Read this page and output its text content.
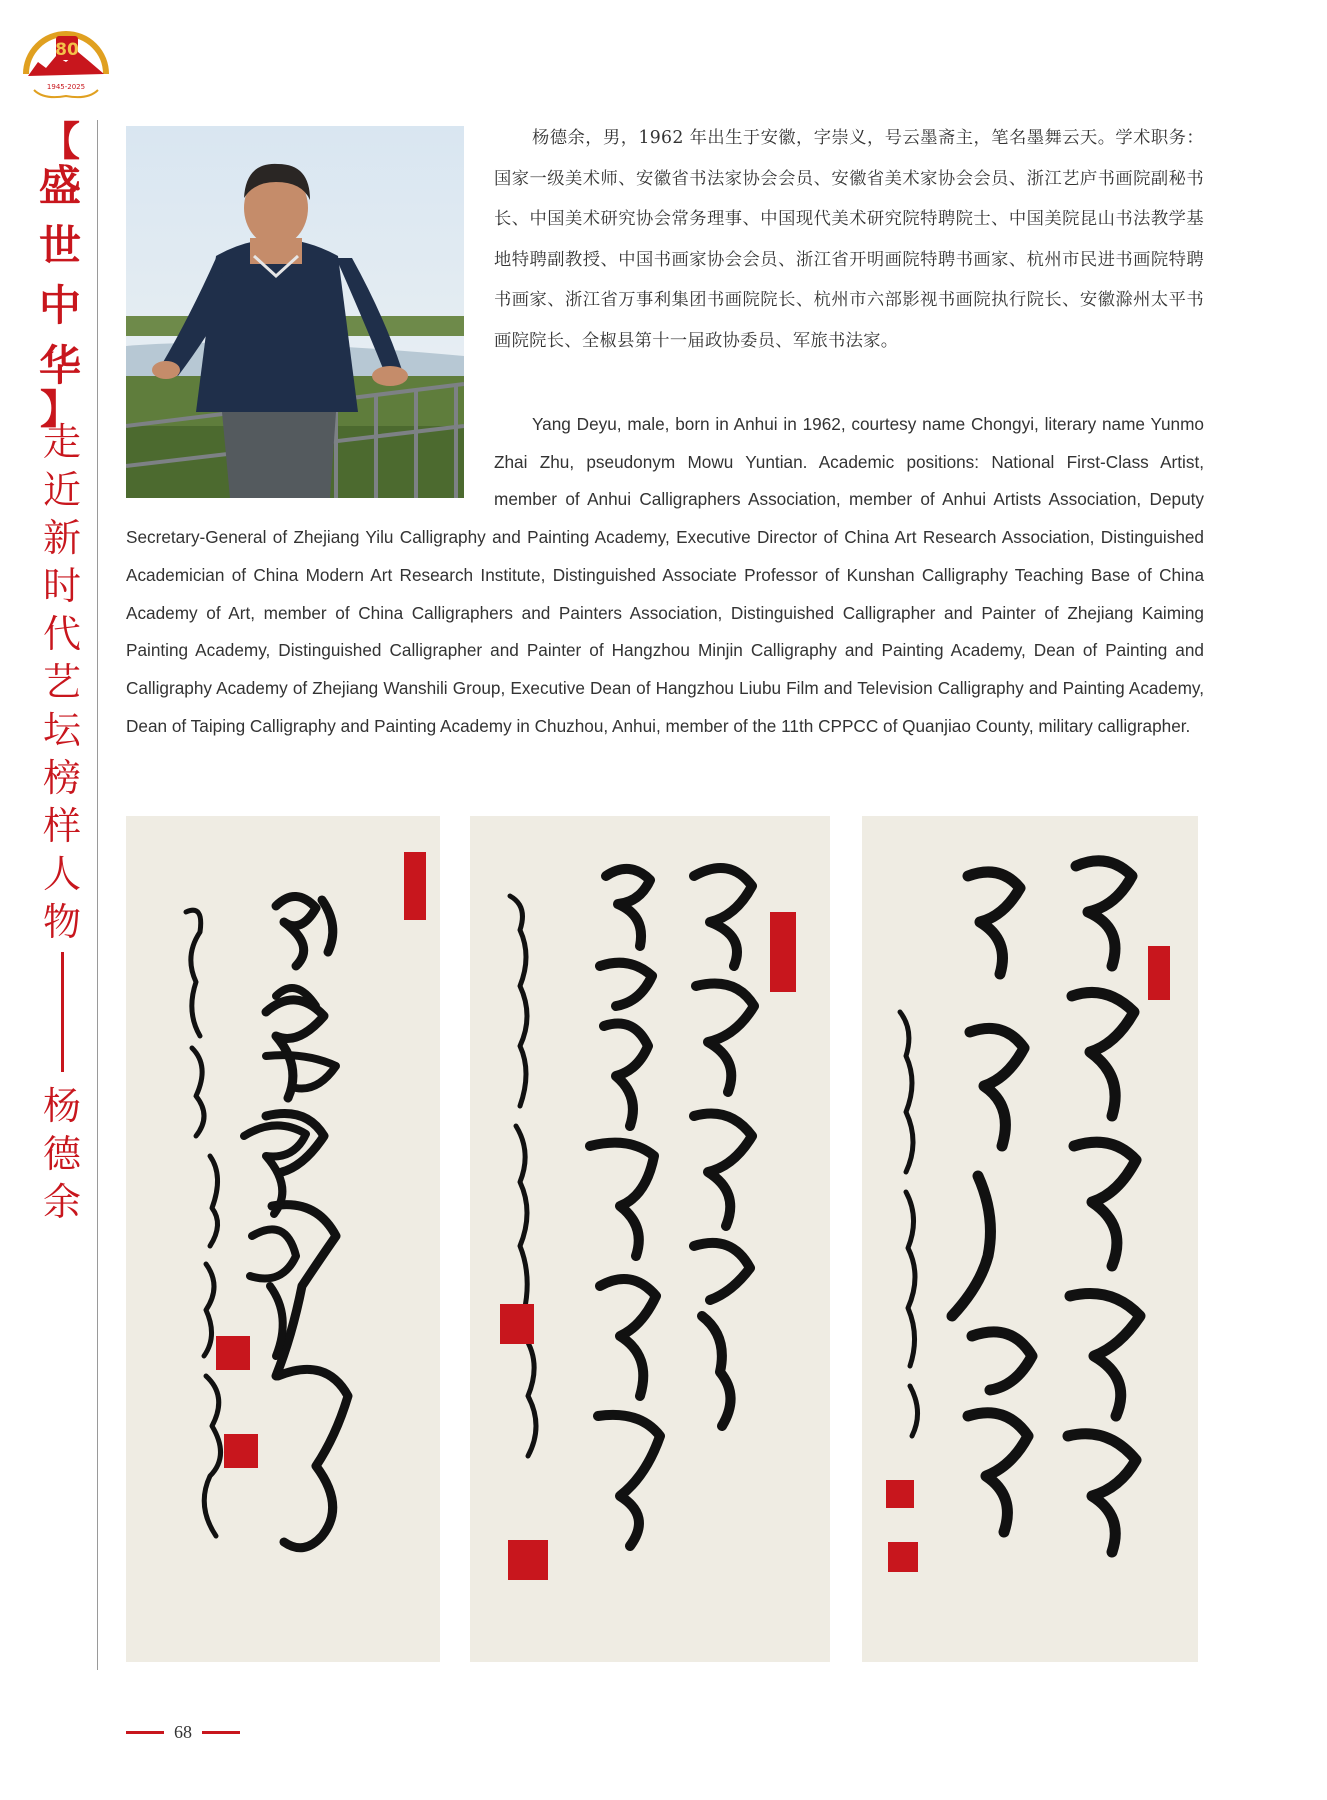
80
1945-2025
【
盛
世
中
华
】
走
近
新
时
代
艺
坛
榜
样
人
物
杨
德
余

杨德余，男，1962 年出生于安徽，字崇义，号云墨斋主，笔名墨舞云天。学术职务：国家一级美术师、安徽省书法家协会会员、安徽省美术家协会会员、浙江艺庐书画院副秘书长、中国美术研究协会常务理事、中国现代美术研究院特聘院士、中国美院昆山书法教学基地特聘副教授、中国书画家协会会员、浙江省开明画院特聘书画家、杭州市民进书画院特聘书画家、浙江省万事利集团书画院院长、杭州市六部影视书画院执行院长、安徽滁州太平书画院院长、全椒县第十一届政协委员、军旅书法家。

Yang Deyu, male, born in Anhui in 1962, courtesy name Chongyi, literary name Yunmo Zhai Zhu, pseudonym Mowu Yuntian. Academic positions: National First-Class Artist, member of Anhui Calligraphers Association, member of Anhui Artists Association, Deputy Secretary-General of Zhejiang Yilu Calligraphy and Painting Academy, Executive Director of China Art Research Association, Distinguished Academician of China Modern Art Research Institute, Distinguished Associate Professor of Kunshan Calligraphy Teaching Base of China Academy of Art, member of China Calligraphers and Painters Association, Distinguished Calligrapher and Painter of Zhejiang Kaiming Painting Academy, Distinguished Calligrapher and Painter of Hangzhou Minjin Calligraphy and Painting Academy, Dean of Painting and Calligraphy Academy of Zhejiang Wanshili Group, Executive Dean of Hangzhou Liubu Film and Television Calligraphy and Painting Academy, Dean of Taiping Calligraphy and Painting Academy in Chuzhou, Anhui, member of the 11th CPPCC of Quanjiao County, military calligrapher.
68
